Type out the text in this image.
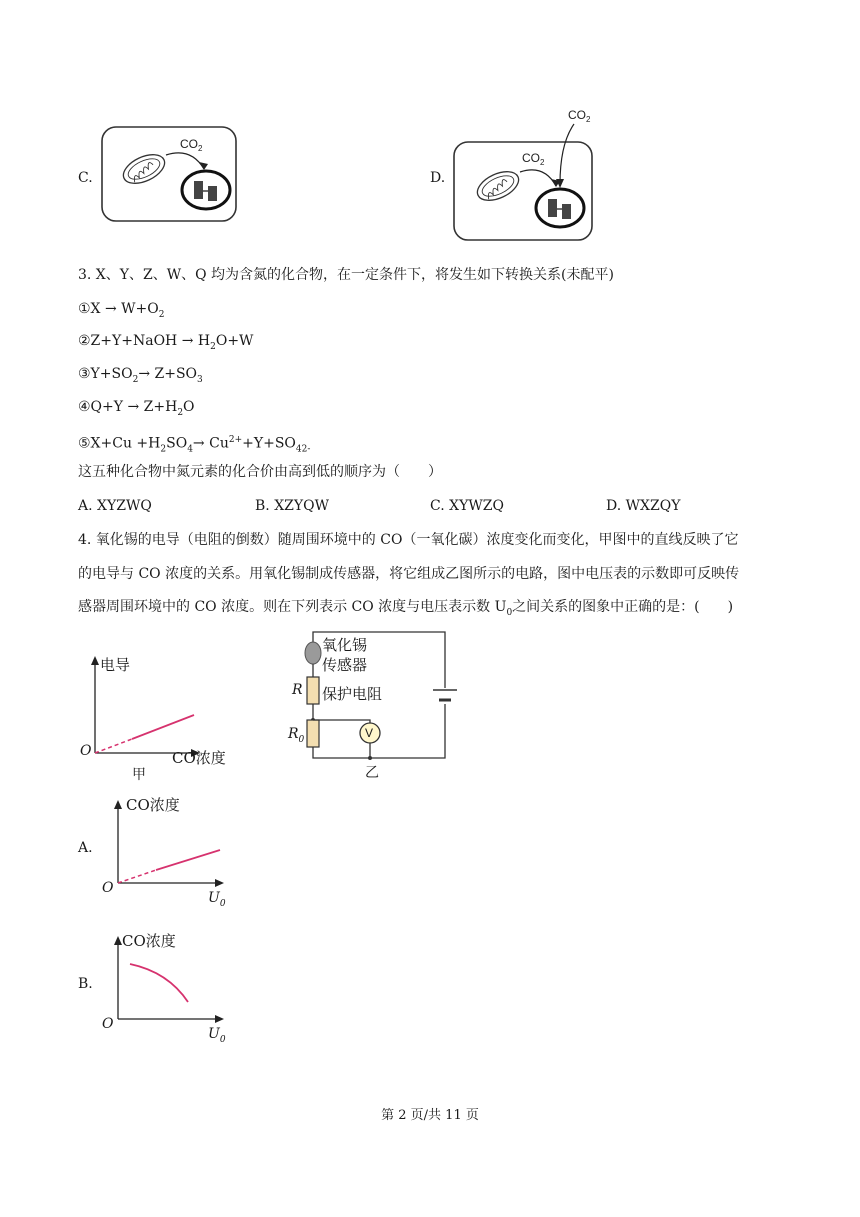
C.
$CO_2$
D.
$CO_2$
$CO_2$
3. X、Y、Z、W、Q 均为含氮的化合物，在一定条件下，将发生如下转换关系(未配平)
①X → $W+O_2$
②Z+Y+NaOH → $H_2O+W$
$③Y+SO_2\to Z+SO_3$
④Q+Y → $Z+H_2O$
⑤X+Cu $+H_2SO_4\to Cu^{2+}+Y+SO_{42-}$
这五种化合物中氮元素的化合价由高到低的顺序为（　　）
A. XYZWQ	B. XZYQW	C. XYWZQ	D. WXZQY
4. 氧化锡的电导（电阻的倒数）随周围环境中的 CO（一氧化碳）浓度变化而变化，甲图中的直线反映了它
的电导与 CO 浓度的关系。用氧化锡制成传感器，将它组成乙图所示的电路，图中电压表的示数即可反映传
感器周围环境中的 CO 浓度。则在下列表示 CO 浓度与电压表示数 $U_0$之间关系的图象中正确的是：(　　)
电导
O	CO浓度
甲
氧化锡
传感器
R 保护电阻
$R_0$	V
乙
A.
CO浓度
O
$U_0$
B.
CO浓度
O
$U_0$
第 2 页/共 11 页
